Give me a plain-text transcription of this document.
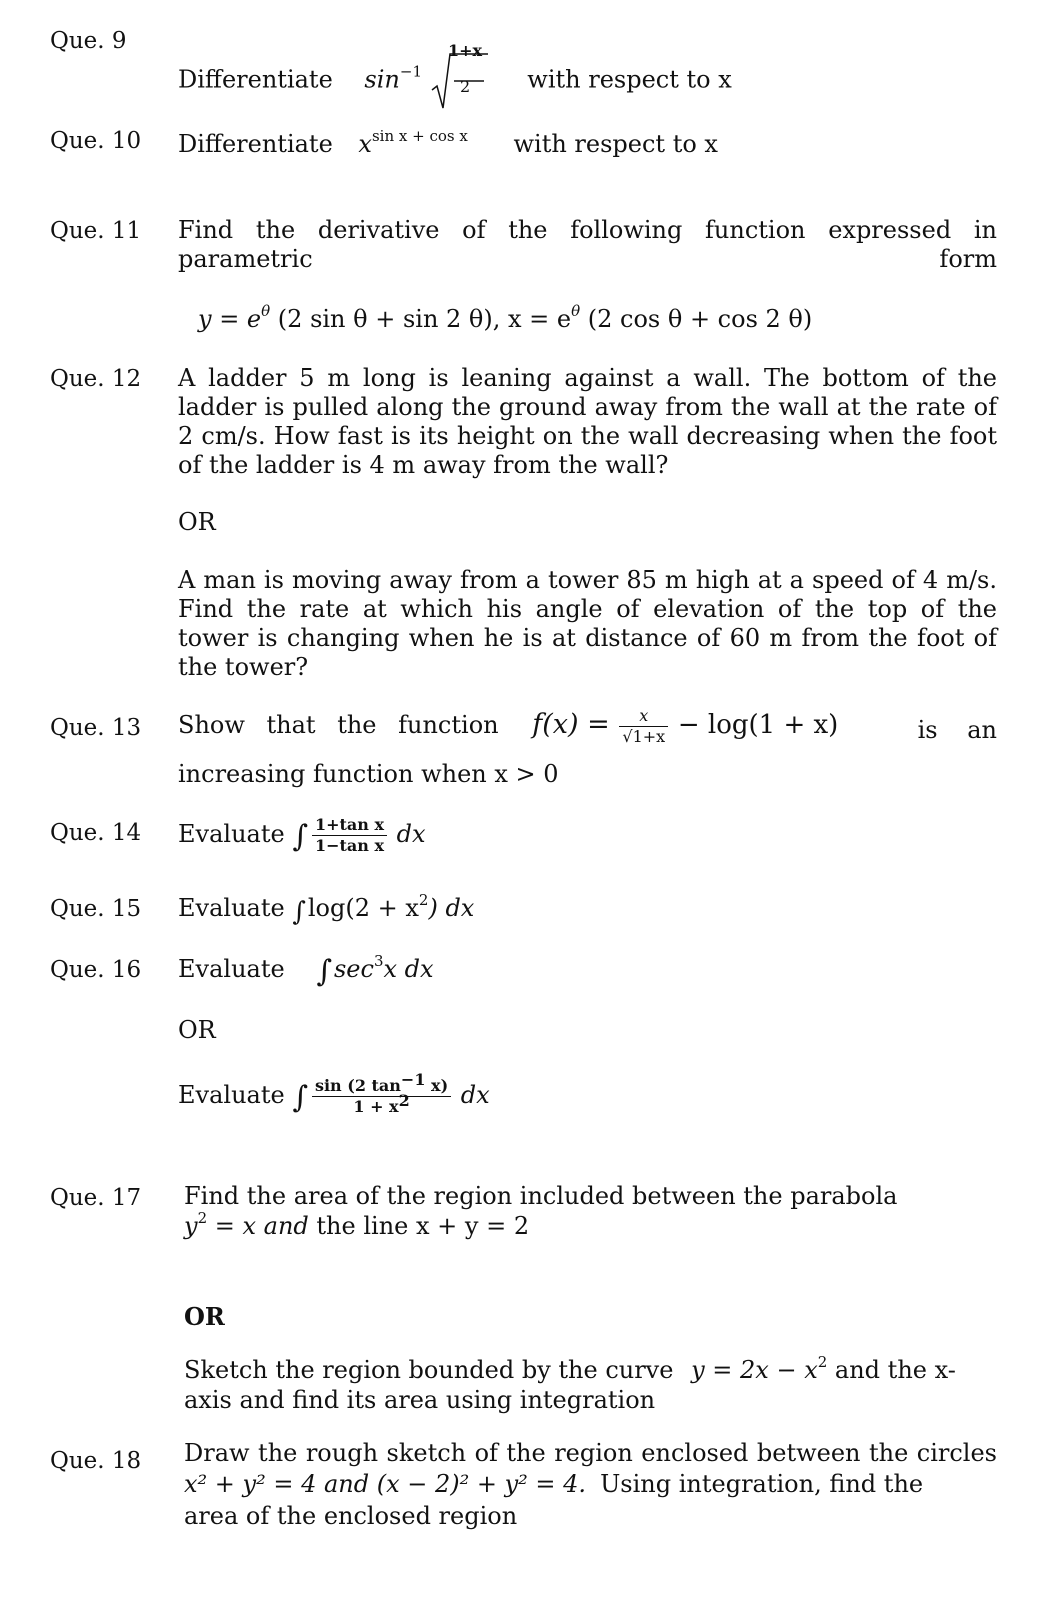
Que. 9
Differentiate $\sin^{-1}$
1+x
2 with respect to x
Que. 10 Differentiate $x^{sin x + cos x}$ with respect to x
Que. 11 Find the derivative of the following function expressed in parametric form
$y = e^\theta$ (2 sin θ + sin 2 θ), $x = e^\theta$ (2 cos θ + cos 2 θ)
Que. 12 A ladder 5 m long is leaning against a wall. The bottom of the ladder is pulled along the ground away from the wall at the rate of 2 cm/s. How fast is its height on the wall decreasing when the foot of the ladder is 4 m away from the wall?
OR
A man is moving away from a tower 85 m high at a speed of 4 m/s. Find the rate at which his angle of elevation of the top of the tower is changing when he is at distance of 60 m from the foot of the tower?
Que. 13 Show that the function $f(x) = \frac{x}{√1+x} - \log(1 + x)$	is an
increasing function when x > 0
Que. 14 Evaluate ∫ $\frac{\text{1+tan x}}{\text{1−tan x}}$ dx
Que. 15 Evaluate $\int\log(2 + x^2)$ dx
Que. 16 Evaluate $\int\sec^3x$ dx
OR
Evaluate ∫ $\frac{\sin (2 \tan^{-1} x)}{1 + x^2}$ dx
Que. 17 Find the area of the region included between the parabola
$y^2 = x$ and the line x + y = 2
OR
Sketch the region bounded by the curve $y = 2x - x^2$ and the x-
axis and find its area using integration
Que. 18 Draw the rough sketch of the region enclosed between the circles
x² + y² = 4 and (x − 2)² + y² = 4. Using integration, find the
area of the enclosed region
